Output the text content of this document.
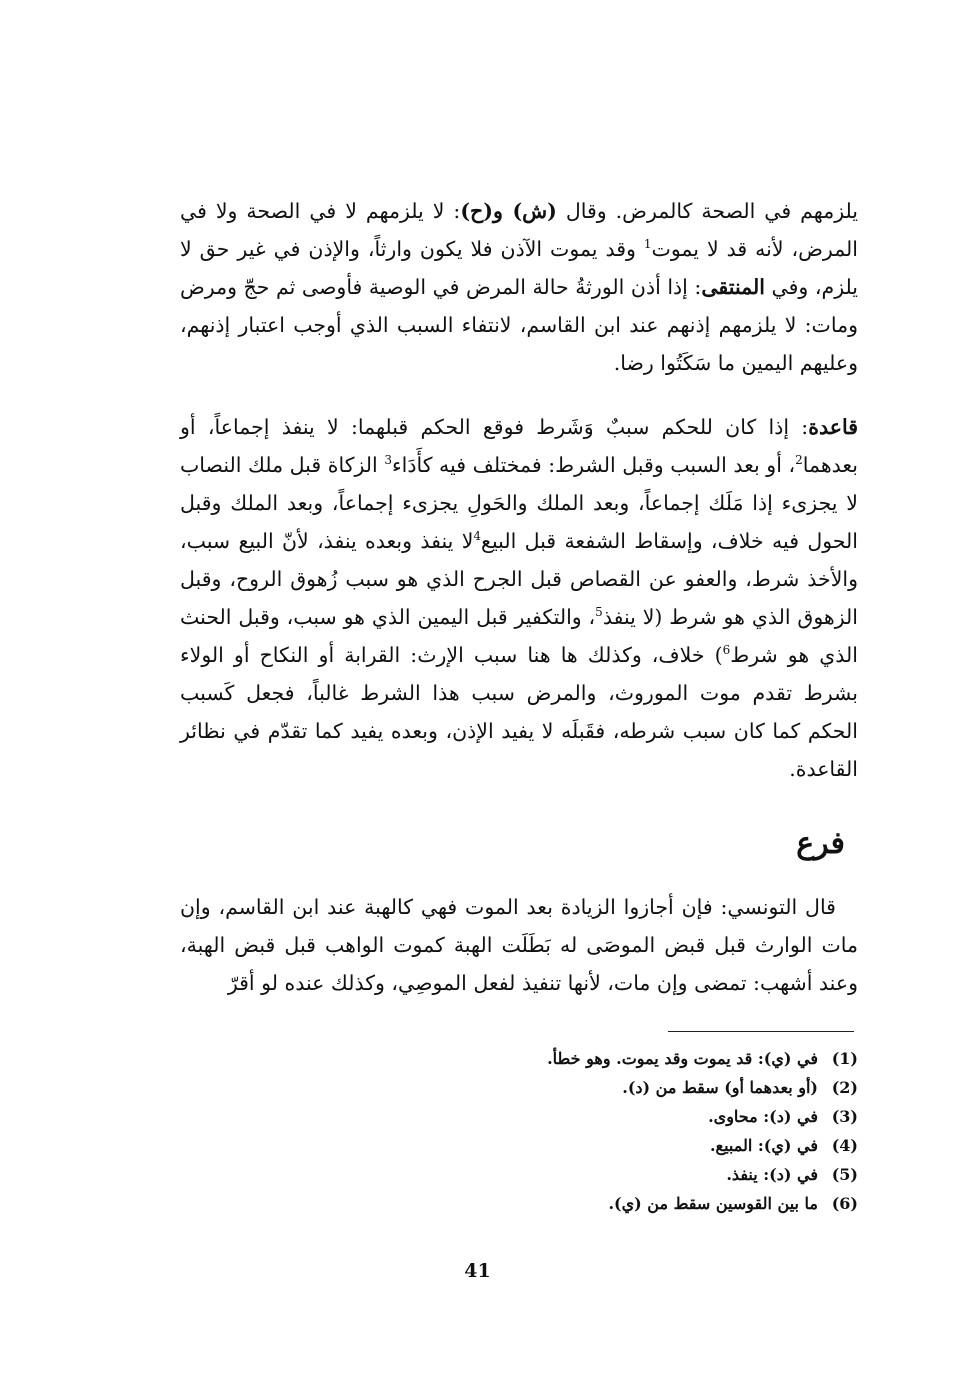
يلزمهم في الصحة كالمرض. وقال (ش) و(ح): لا يلزمهم لا في الصحة ولا في المرض، لأنه قد لا يموت$^1$ وقد يموت الآذن فلا يكون وارثاً، والإذن في غير حق لا يلزم، وفي المنتقى: إذا أذن الورثةُ حالة المرض في الوصية فأوصى ثم حجّ ومرض ومات: لا يلزمهم إذنهم عند ابن القاسم، لانتفاء السبب الذي أوجب اعتبار إذنهم، وعليهم اليمين ما سَكَتُوا رضا.

قاعدة: إذا كان للحكم سببٌ وَشَرط فوقع الحكم قبلهما: لا ينفذ إجماعاً، أو بعدهما$^2$، أو بعد السبب وقبل الشرط: فمختلف فيه كأَدَاء$^3$ الزكاة قبل ملك النصاب لا يجزىء إذا مَلَك إجماعاً، وبعد الملك والحَولِ يجزىء إجماعاً، وبعد الملك وقبل الحول فيه خلاف، وإسقاط الشفعة قبل البيع$^4$لا ينفذ وبعده ينفذ، لأنّ البيع سبب، والأخذ شرط، والعفو عن القصاص قبل الجرح الذي هو سبب زُهوق الروح، وقبل الزهوق الذي هو شرط (لا ينفذ$^5$، والتكفير قبل اليمين الذي هو سبب، وقبل الحنث الذي هو شرط$^6$) خلاف، وكذلك ها هنا سبب الإرث: القرابة أو النكاح أو الولاء بشرط تقدم موت الموروث، والمرض سبب هذا الشرط غالباً، فجعل كَسبب الحكم كما كان سبب شرطه، فقَبلَه لا يفيد الإذن، وبعده يفيد كما تقدّم في نظائر القاعدة.

فرع

قال التونسي: فإن أجازوا الزيادة بعد الموت فهي كالهبة عند ابن القاسم، وإن مات الوارث قبل قبض الموصَى له بَطَلَت الهبة كموت الواهب قبل قبض الهبة، وعند أشهب: تمضى وإن مات، لأنها تنفيذ لفعل الموصِي، وكذلك عنده لو أقرّ

(1)
في (ي): قد يموت وقد يموت. وهو خطأ.
(2)
(أو بعدهما أو) سقط من (د).
(3)
في (د): محاوى.
(4)
في (ي): المبيع.
(5)
في (د): ينفذ.
(6)
ما بين القوسين سقط من (ي).
41
